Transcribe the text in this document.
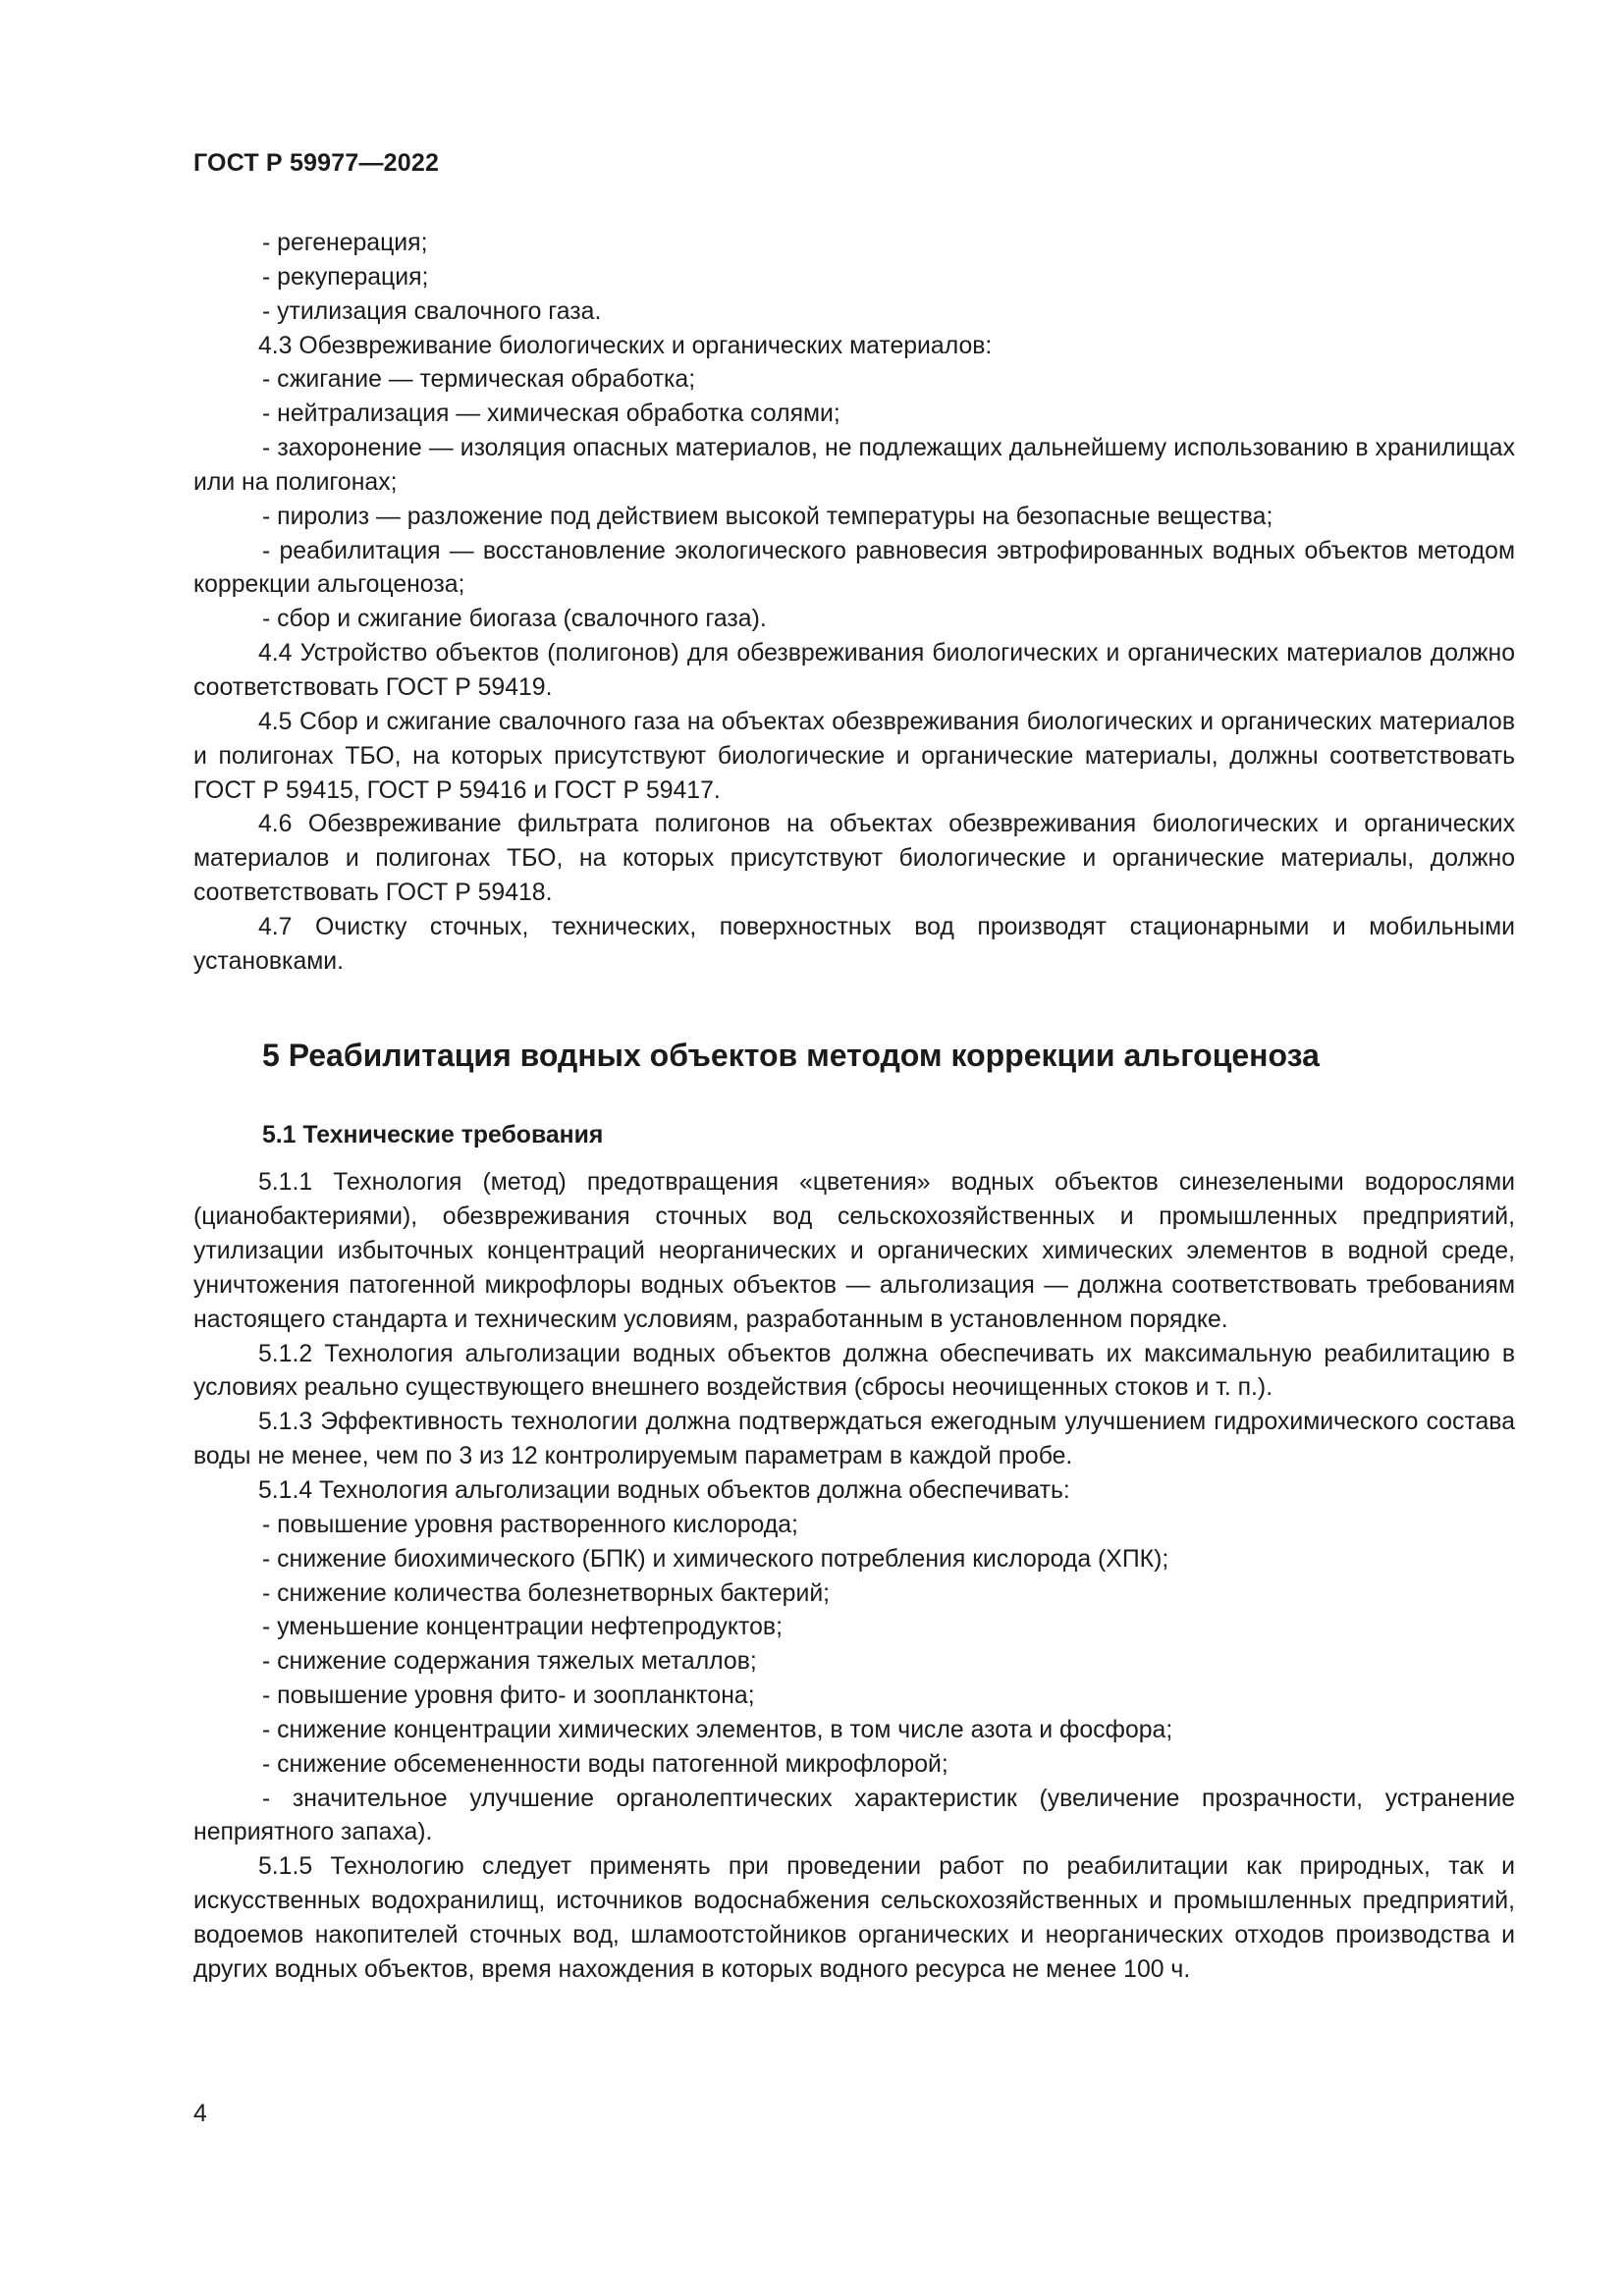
ГОСТ Р 59977—2022

- регенерация;

- рекуперация;

- утилизация свалочного газа.

4.3 Обезвреживание биологических и органических материалов:

- сжигание — термическая обработка;

- нейтрализация — химическая обработка солями;

- захоронение — изоляция опасных материалов, не подлежащих дальнейшему использованию в хранилищах или на полигонах;

- пиролиз — разложение под действием высокой температуры на безопасные вещества;

- реабилитация — восстановление экологического равновесия эвтрофированных водных объектов методом коррекции альгоценоза;

- сбор и сжигание биогаза (свалочного газа).

4.4 Устройство объектов (полигонов) для обезвреживания биологических и органических материалов должно соответствовать ГОСТ Р 59419.

4.5 Сбор и сжигание свалочного газа на объектах обезвреживания биологических и органических материалов и полигонах ТБО, на которых присутствуют биологические и органические материалы, должны соответствовать ГОСТ Р 59415, ГОСТ Р 59416 и ГОСТ Р 59417.

4.6 Обезвреживание фильтрата полигонов на объектах обезвреживания биологических и органических материалов и полигонах ТБО, на которых присутствуют биологические и органические материалы, должно соответствовать ГОСТ Р 59418.

4.7 Очистку сточных, технических, поверхностных вод производят стационарными и мобильными установками.

5 Реабилитация водных объектов методом коррекции альгоценоза
5.1 Технические требования

5.1.1 Технология (метод) предотвращения «цветения» водных объектов синезелеными водорослями (цианобактериями), обезвреживания сточных вод сельскохозяйственных и промышленных предприятий, утилизации избыточных концентраций неорганических и органических химических элементов в водной среде, уничтожения патогенной микрофлоры водных объектов — альголизация — должна соответствовать требованиям настоящего стандарта и техническим условиям, разработанным в установленном порядке.

5.1.2 Технология альголизации водных объектов должна обеспечивать их максимальную реабилитацию в условиях реально существующего внешнего воздействия (сбросы неочищенных стоков и т. п.).

5.1.3 Эффективность технологии должна подтверждаться ежегодным улучшением гидрохимического состава воды не менее, чем по 3 из 12 контролируемым параметрам в каждой пробе.

5.1.4 Технология альголизации водных объектов должна обеспечивать:

- повышение уровня растворенного кислорода;

- снижение биохимического (БПК) и химического потребления кислорода (ХПК);

- снижение количества болезнетворных бактерий;

- уменьшение концентрации нефтепродуктов;

- снижение содержания тяжелых металлов;

- повышение уровня фито- и зоопланктона;

- снижение концентрации химических элементов, в том числе азота и фосфора;

- снижение обсемененности воды патогенной микрофлорой;

- значительное улучшение органолептических характеристик (увеличение прозрачности, устранение неприятного запаха).

5.1.5 Технологию следует применять при проведении работ по реабилитации как природных, так и искусственных водохранилищ, источников водоснабжения сельскохозяйственных и промышленных предприятий, водоемов накопителей сточных вод, шламоотстойников органических и неорганических отходов производства и других водных объектов, время нахождения в которых водного ресурса не менее 100 ч.

4
